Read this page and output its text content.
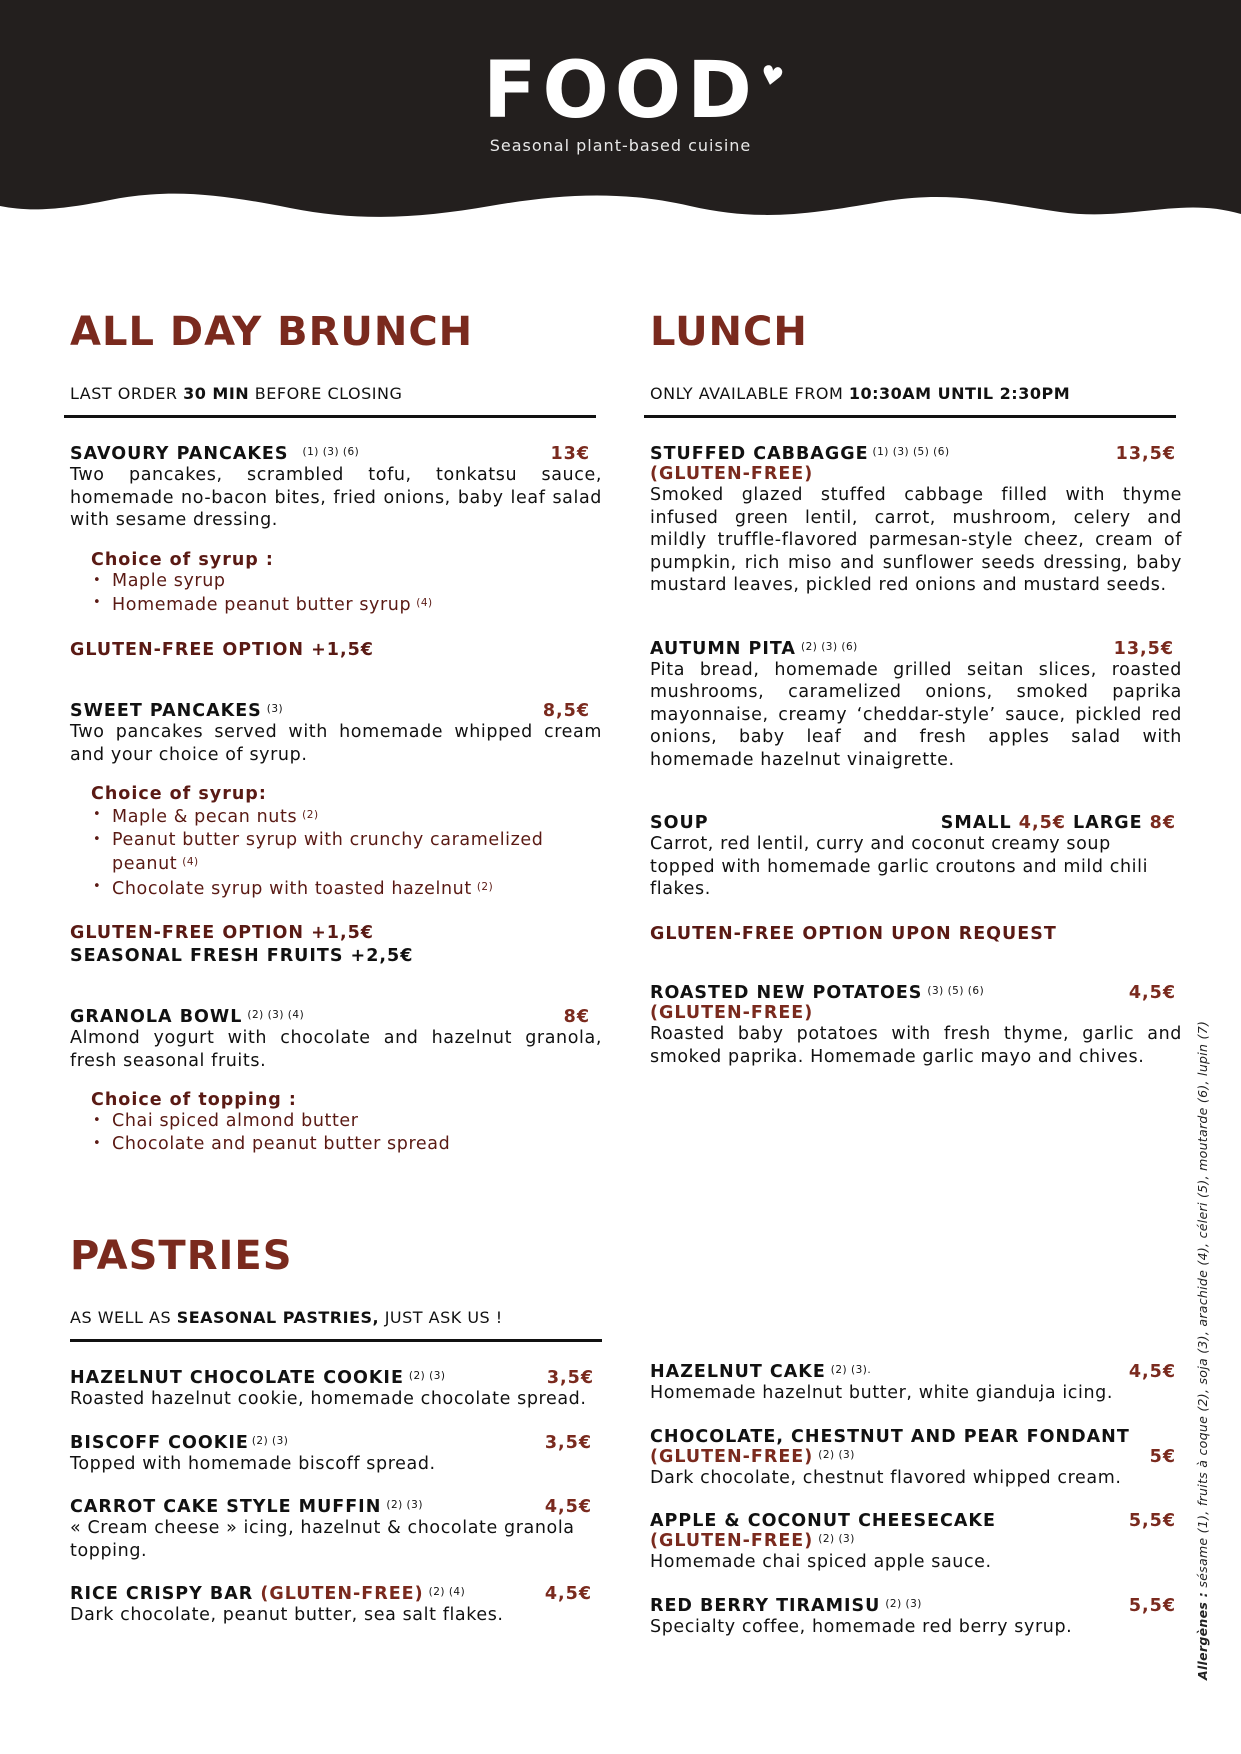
FOOD ♥
Seasonal plant-based cuisine
ALL DAY BRUNCH
LAST ORDER 30 MIN BEFORE CLOSING
SAVOURY PANCAKES $^{(1) (3) (6)}$	13€
Two pancakes, scrambled tofu, tonkatsu sauce, homemade no-bacon bites, fried onions, baby leaf salad with sesame dressing.
Choice of syrup :
• Maple syrup
• Homemade peanut butter syrup $^{(4)}$
GLUTEN-FREE OPTION +1,5€
SWEET PANCAKES $^{(3)}$	8,5€
Two pancakes served with homemade whipped cream and your choice of syrup.
Choice of syrup:
• Maple & pecan nuts $^{(2)}$
• Peanut butter syrup with crunchy caramelized peanut $^{(4)}$
• Chocolate syrup with toasted hazelnut $^{(2)}$
GLUTEN-FREE OPTION +1,5€
SEASONAL FRESH FRUITS +2,5€
GRANOLA BOWL $^{(2) (3) (4)}$	8€
Almond yogurt with chocolate and hazelnut granola, fresh seasonal fruits.
Choice of topping :
• Chai spiced almond butter
• Chocolate and peanut butter spread
LUNCH
ONLY AVAILABLE FROM 10:30AM UNTIL 2:30PM
STUFFED CABBAGGE $^{(1) (3) (5) (6)}$	13,5€
(GLUTEN-FREE)
Smoked glazed stuffed cabbage filled with thyme infused green lentil, carrot, mushroom, celery and mildly truffle-flavored parmesan-style cheez, cream of pumpkin, rich miso and sunflower seeds dressing, baby mustard leaves, pickled red onions and mustard seeds.
AUTUMN PITA $^{(2) (3) (6)}$	13,5€
Pita bread, homemade grilled seitan slices, roasted mushrooms, caramelized onions, smoked paprika mayonnaise, creamy ‘cheddar-style’ sauce, pickled red onions, baby leaf and fresh apples salad with homemade hazelnut vinaigrette.
SOUP	SMALL 4,5€ LARGE 8€
Carrot, red lentil, curry and coconut creamy soup topped with homemade garlic croutons and mild chili flakes.
GLUTEN-FREE OPTION UPON REQUEST
ROASTED NEW POTATOES $^{(3) (5) (6)}$	4,5€
(GLUTEN-FREE)
Roasted baby potatoes with fresh thyme, garlic and smoked paprika. Homemade garlic mayo and chives.
PASTRIES
AS WELL AS SEASONAL PASTRIES, JUST ASK US !
HAZELNUT CHOCOLATE COOKIE $^{(2) (3)}$	3,5€
Roasted hazelnut cookie, homemade chocolate spread.
BISCOFF COOKIE $^{(2) (3)}$	3,5€
Topped with homemade biscoff spread.
CARROT CAKE STYLE MUFFIN $^{(2) (3)}$	4,5€
« Cream cheese » icing, hazelnut & chocolate granola topping.
RICE CRISPY BAR (GLUTEN-FREE) $^{(2) (4)}$	4,5€
Dark chocolate, peanut butter, sea salt flakes.
HAZELNUT CAKE $^{(2) (3).}$	4,5€
Homemade hazelnut butter, white gianduja icing.
CHOCOLATE, CHESTNUT AND PEAR FONDANT
(GLUTEN-FREE) $^{(2) (3)}$	5€
Dark chocolate, chestnut flavored whipped cream.
APPLE & COCONUT CHEESECAKE	5,5€
(GLUTEN-FREE) $^{(2) (3)}$
Homemade chai spiced apple sauce.
RED BERRY TIRAMISU $^{(2) (3)}$	5,5€
Specialty coffee, homemade red berry syrup.	Allergènes : sésame (1), fruits à coque (2), soja (3), arachide (4), céleri (5), moutarde (6), lupin (7)
